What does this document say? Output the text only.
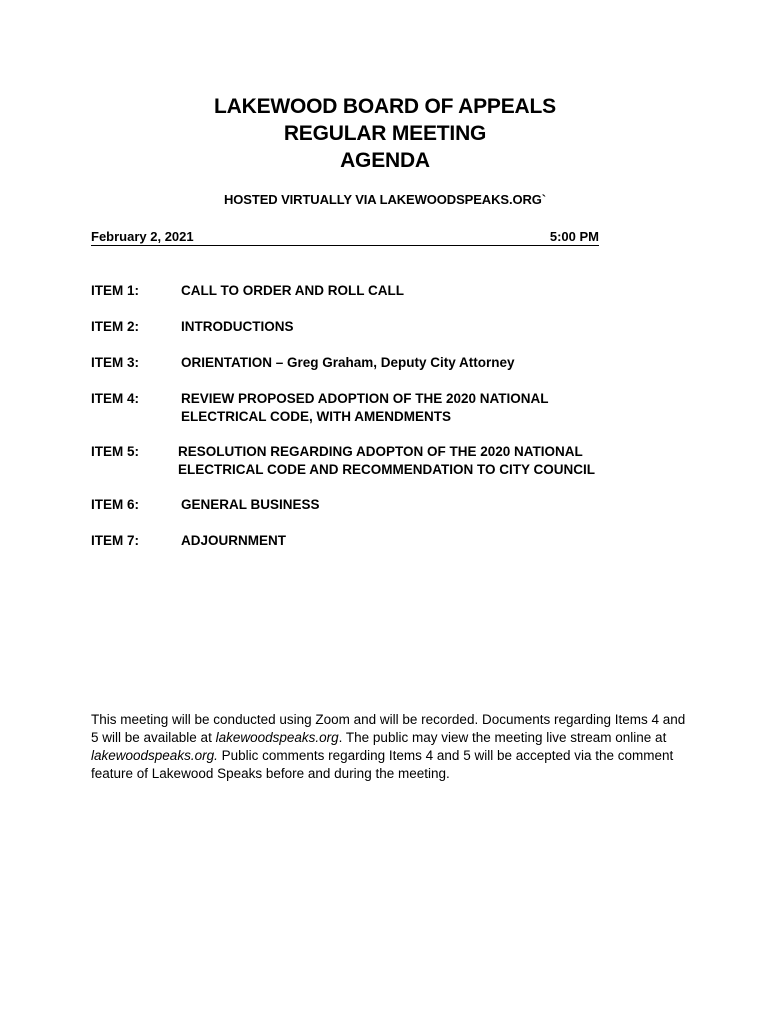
LAKEWOOD BOARD OF APPEALS
REGULAR MEETING
AGENDA
HOSTED VIRTUALLY VIA LAKEWOODSPEAKS.ORG`
February 2, 2021	5:00 PM
ITEM 1:	CALL TO ORDER AND ROLL CALL
ITEM 2:	INTRODUCTIONS
ITEM 3:	ORIENTATION – Greg Graham, Deputy City Attorney
ITEM 4:	REVIEW PROPOSED ADOPTION OF THE 2020 NATIONAL
ELECTRICAL CODE, WITH AMENDMENTS
ITEM 5:	RESOLUTION REGARDING ADOPTON OF THE 2020 NATIONAL
ELECTRICAL CODE AND RECOMMENDATION TO CITY COUNCIL
ITEM 6:	GENERAL BUSINESS
ITEM 7:	ADJOURNMENT
This meeting will be conducted using Zoom and will be recorded. Documents regarding Items 4 and 5 will be available at lakewoodspeaks.org. The public may view the meeting live stream online at lakewoodspeaks.org. Public comments regarding Items 4 and 5 will be accepted via the comment feature of Lakewood Speaks before and during the meeting.
